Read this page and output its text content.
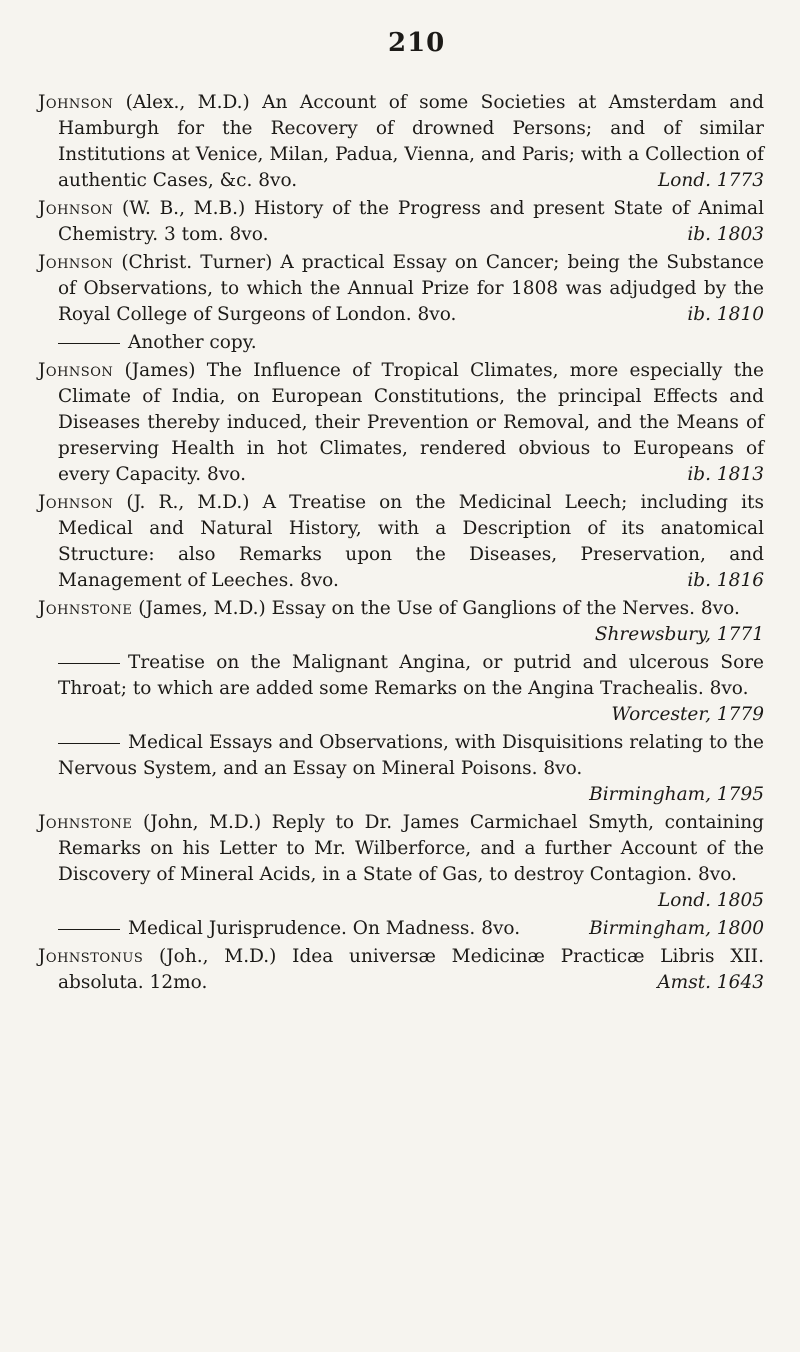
210
Johnson (Alex., M.D.) An Account of some Societies at Amsterdam and Hamburgh for the Recovery of drowned Persons; and of similar Institutions at Venice, Milan, Padua, Vienna, and Paris; with a Collection of authentic Cases, &c. 8vo.	Lond. 1773
Johnson (W. B., M.B.) History of the Progress and present State of Animal Chemistry. 3 tom. 8vo.	ib. 1803
Johnson (Christ. Turner) A practical Essay on Cancer; being the Substance of Observations, to which the Annual Prize for 1808 was adjudged by the Royal College of Surgeons of London. 8vo.	ib. 1810
Another copy.
Johnson (James) The Influence of Tropical Climates, more especially the Climate of India, on European Constitutions, the principal Effects and Diseases thereby induced, their Prevention or Removal, and the Means of preserving Health in hot Climates, rendered obvious to Europeans of every Capacity. 8vo.	ib. 1813
Johnson (J. R., M.D.) A Treatise on the Medicinal Leech; including its Medical and Natural History, with a Description of its anatomical Structure: also Remarks upon the Diseases, Preservation, and Management of Leeches. 8vo.	ib. 1816
Johnstone (James, M.D.) Essay on the Use of Ganglions of the Nerves. 8vo.
Shrewsbury, 1771
Treatise on the Malignant Angina, or putrid and ulcerous Sore Throat; to which are added some Remarks on the Angina Trachealis. 8vo.
Worcester, 1779
Medical Essays and Observations, with Disquisitions relating to the Nervous System, and an Essay on Mineral Poisons. 8vo.
Birmingham, 1795
Johnstone (John, M.D.) Reply to Dr. James Carmichael Smyth, containing Remarks on his Letter to Mr. Wilberforce, and a further Account of the Discovery of Mineral Acids, in a State of Gas, to destroy Contagion. 8vo.
Lond. 1805
Medical Jurisprudence. On Madness. 8vo.	Birmingham, 1800
Johnstonus (Joh., M.D.) Idea universæ Medicinæ Practicæ Libris XII. absoluta. 12mo.	Amst. 1643
